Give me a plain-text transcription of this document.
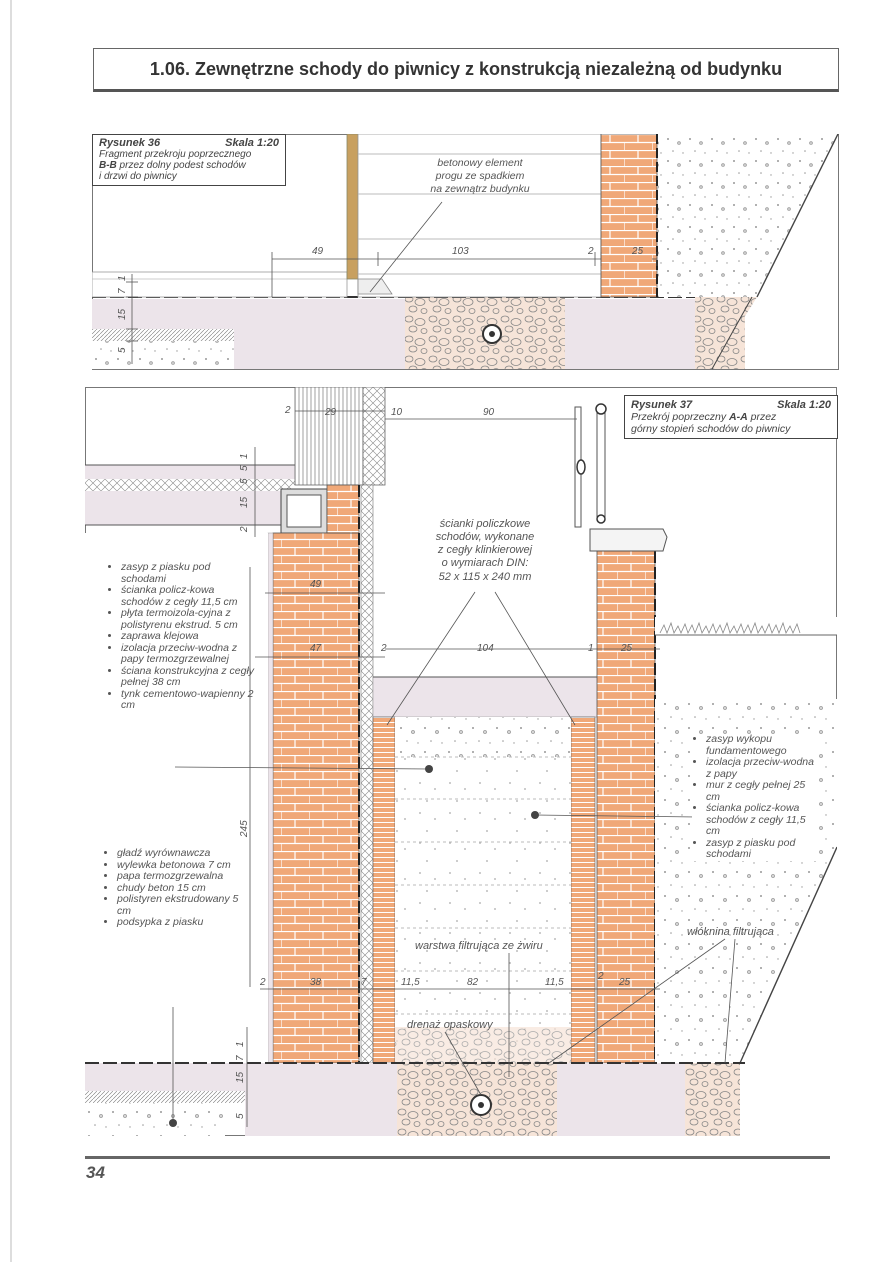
1.06. Zewnętrzne schody do piwnicy z konstrukcją niezależną od budynku
49	103	2	25
1
7
15
5
betonowy element
progu ze spadkiem
na zewnątrz budynku
Rysunek 36	Skala 1:20
Fragment przekroju poprzecznego
B-B przez dolny podest schodów
i drzwi do piwnicy
2	29	10	90
1
5
5
15
2
49
47	2	104	1	25
245
2	38	7	11,5	82	11,5
2
25
1
7
15
5
ścianki policzkowe
schodów, wykonane
z cegły klinkierowej
o wymiarach DIN:
52 x 115 x 240 mm
warstwa filtrująca ze żwiru
drenaż opaskowy
włóknina filtrująca
Rysunek 37	Skala 1:20
Przekrój poprzeczny A-A przez
górny stopień schodów do piwnicy
• zasyp z piasku pod schodami
• ścianka policz-kowa schodów z cegły 11,5 cm
• płyta termoizola-cyjna z polistyrenu ekstrud. 5 cm
• zaprawa klejowa
• izolacja przeciw-wodna z papy termozgrzewalnej
• ściana konstrukcyjna z cegły pełnej 38 cm
• tynk cementowo-wapienny 2 cm
• gładź wyrównawcza
• wylewka betonowa 7 cm
• papa termozgrzewalna
• chudy beton 15 cm
• polistyren ekstrudowany 5 cm
• podsypka z piasku
• zasyp wykopu fundamentowego
• izolacja przeciw-wodna z papy
• mur z cegły pełnej 25 cm
• ścianka policz-kowa schodów z cegły 11,5 cm
• zasyp z piasku pod schodami
34
